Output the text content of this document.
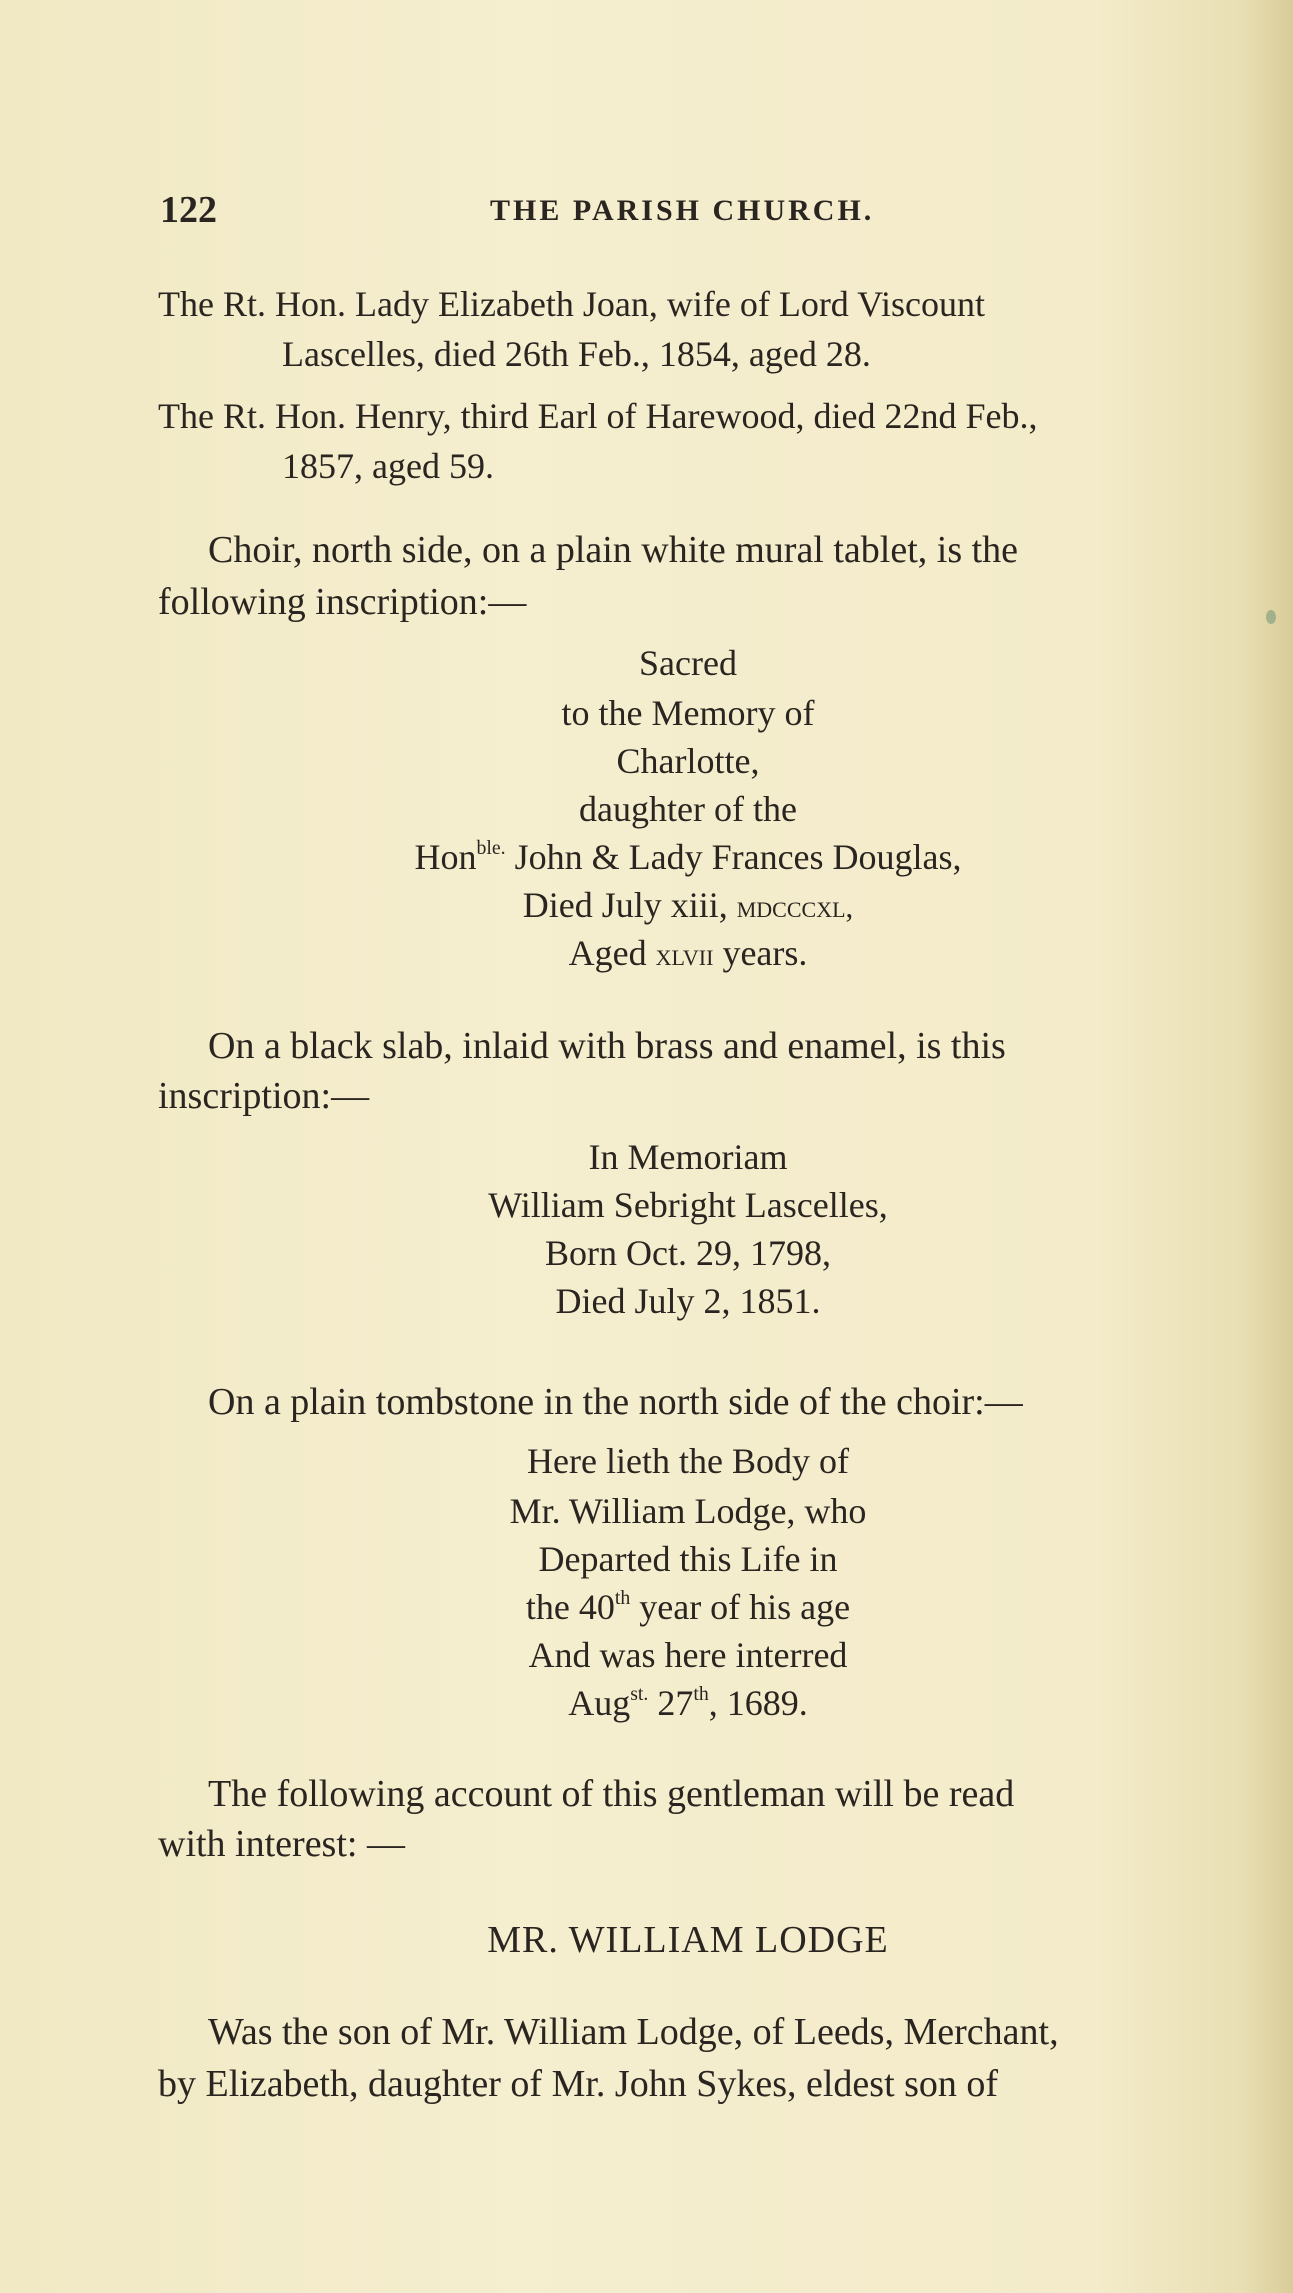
122	THE PARISH CHURCH.
The Rt. Hon. Lady Elizabeth Joan, wife of Lord Viscount
Lascelles, died 26th Feb., 1854, aged 28.
The Rt. Hon. Henry, third Earl of Harewood, died 22nd Feb.,
1857, aged 59.
Choir, north side, on a plain white mural tablet, is the
following inscription:—
Sacred
to the Memory of
Charlotte,
daughter of the
Hon$^{ble.}$ John & Lady Frances Douglas,
Died July xiii, mdcccxl,
Aged xlvii years.
On a black slab, inlaid with brass and enamel, is this
inscription:—
In Memoriam
William Sebright Lascelles,
Born Oct. 29, 1798,
Died July 2, 1851.
On a plain tombstone in the north side of the choir:—
Here lieth the Body of
Mr. William Lodge, who
Departed this Life in
the 40th year of his age
And was here interred
Aug$^{st.}$ 27th, 1689.
The following account of this gentleman will be read
with interest: —
MR. WILLIAM LODGE
Was the son of Mr. William Lodge, of Leeds, Merchant,
by Elizabeth, daughter of Mr. John Sykes, eldest son of
